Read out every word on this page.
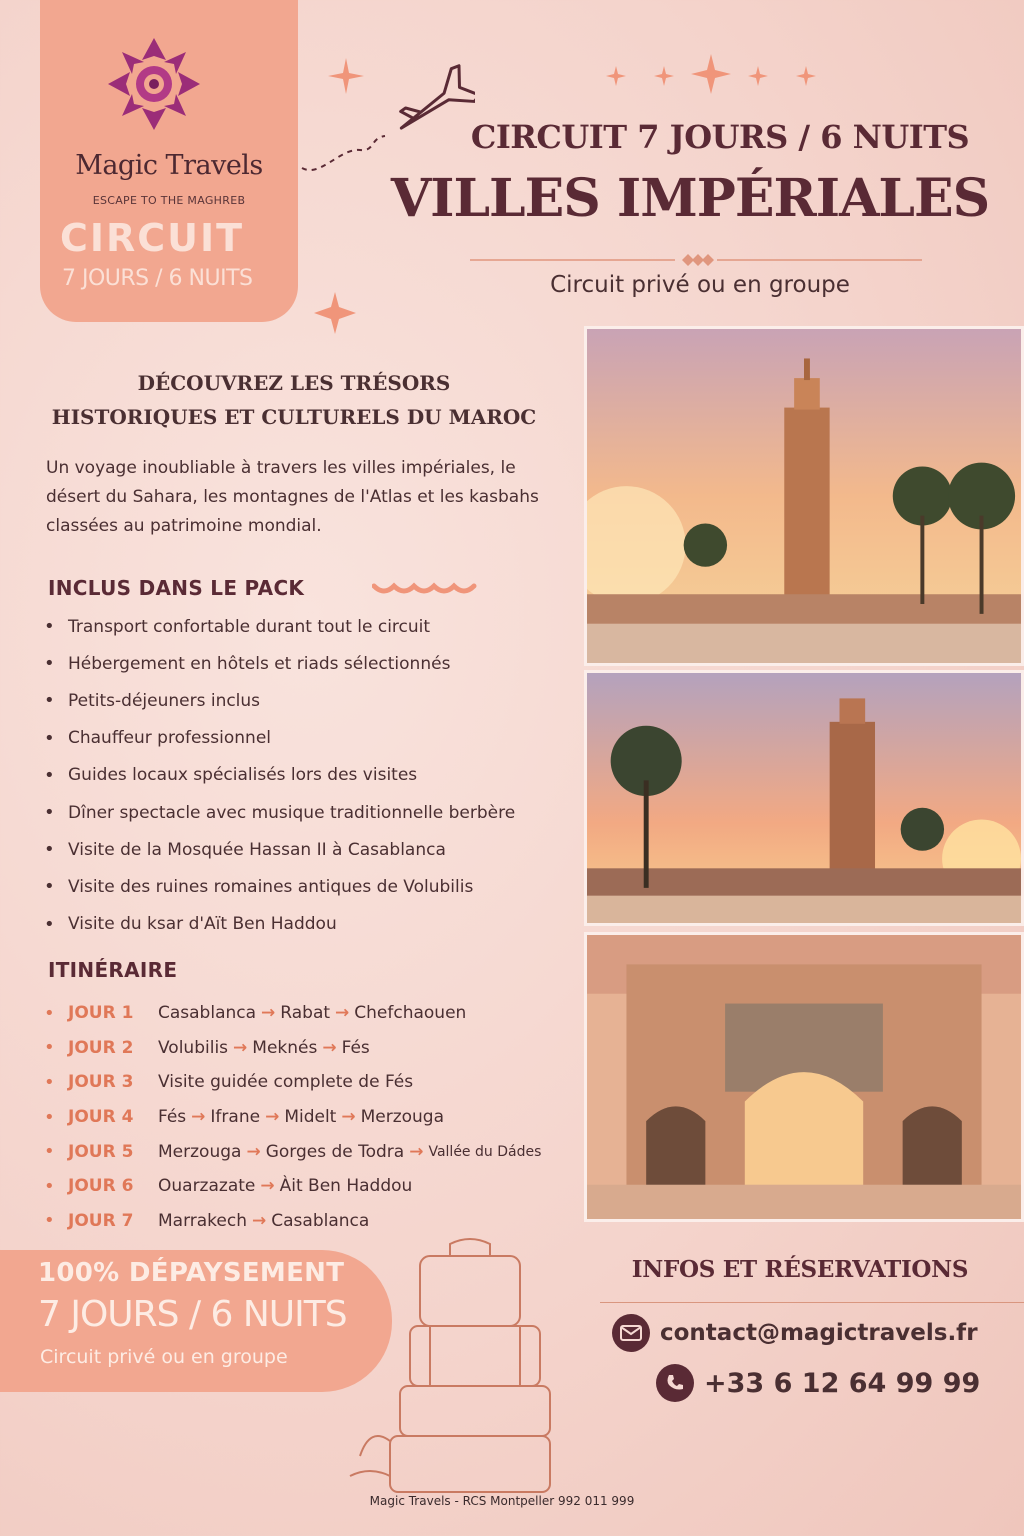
Magic Travels
ESCAPE TO THE MAGHREB
CIRCUIT
7 JOURS / 6 NUITS
CIRCUIT 7 JOURS / 6 NUITS
VILLES IMPÉRIALES
Circuit privé ou en groupe
DÉCOUVREZ LES TRÉSORS
HISTORIQUES ET CULTURELS DU MAROC
Un voyage inoubliable à travers les villes impériales, le désert du Sahara, les montagnes de l'Atlas et les kasbahs classées au patrimoine mondial.
INCLUS DANS LE PACK
• Transport confortable durant tout le circuit
• Hébergement en hôtels et riads sélectionnés
• Petits-déjeuners inclus
• Chauffeur professionnel
• Guides locaux spécialisés lors des visites
• Dîner spectacle avec musique traditionnelle berbère
• Visite de la Mosquée Hassan II à Casablanca
• Visite des ruines romaines antiques de Volubilis
• Visite du ksar d'Aït Ben Haddou
ITINÉRAIRE
• JOUR 1	Casablanca → Rabat → Chefchaouen
• JOUR 2	Volubilis → Meknés → Fés
• JOUR 3	Visite guidée complete de Fés
• JOUR 4	Fés → Ifrane → Midelt → Merzouga
• JOUR 5	Merzouga → Gorges de Todra → Vallée du Dádes
• JOUR 6	Ouarzazate → Àit Ben Haddou
• JOUR 7	Marrakech → Casablanca
100% DÉPAYSEMENT
7 JOURS / 6 NUITS
Circuit privé ou en groupe
INFOS ET RÉSERVATIONS
contact@magictravels.fr
+33 6 12 64 99 99
Magic Travels - RCS Montpeller 992 011 999
